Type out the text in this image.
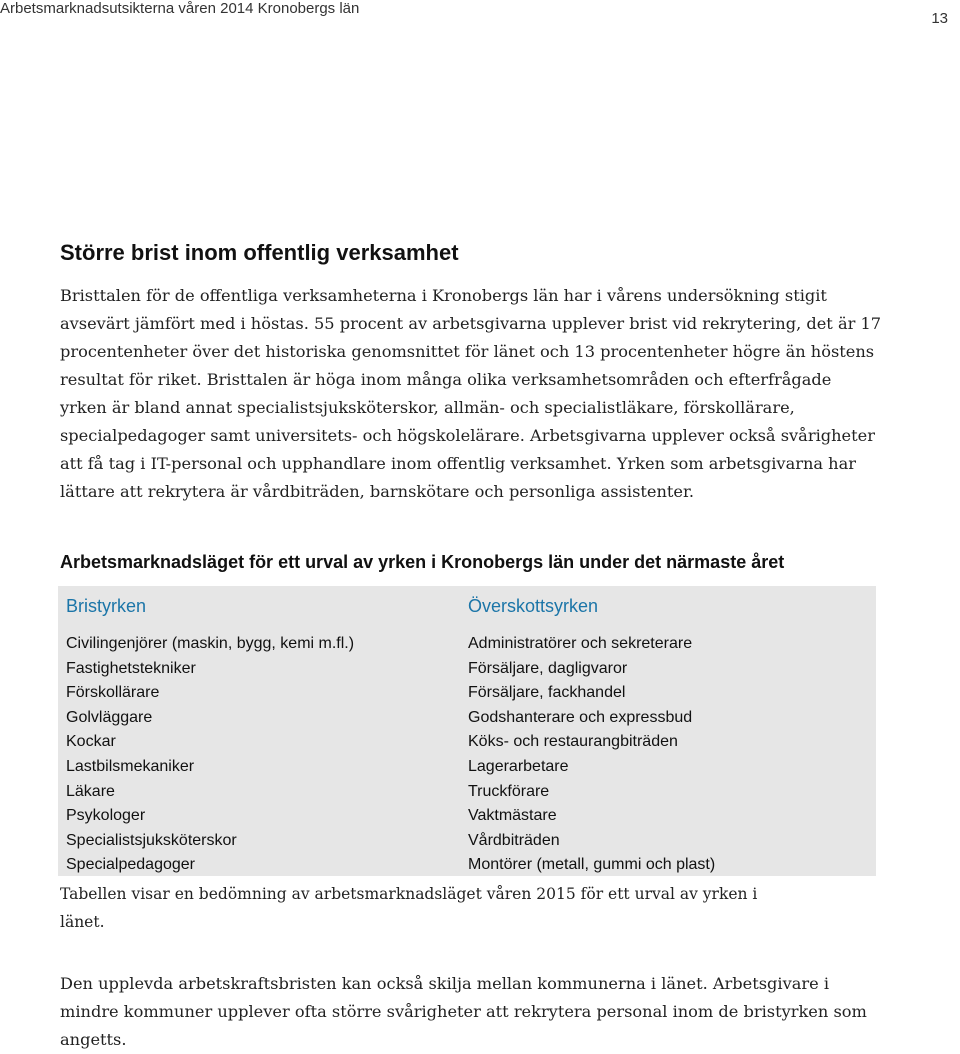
Arbetsmarknadsutsikterna våren 2014 Kronobergs län
13
Större brist inom offentlig verksamhet

Bristtalen för de offentliga verksamheterna i Kronobergs län har i vårens undersökning stigit avsevärt jämfört med i höstas. 55 procent av arbetsgivarna upplever brist vid rekrytering, det är 17 procentenheter över det historiska genomsnittet för länet och 13 procentenheter högre än höstens resultat för riket. Bristtalen är höga inom många olika verksamhetsområden och efterfrågade yrken är bland annat specialistsjuksköterskor, allmän- och specialistläkare, förskollärare, specialpedagoger samt universitets- och högskolelärare. Arbetsgivarna upplever också svårigheter att få tag i IT-personal och upphandlare inom offentlig verksamhet. Yrken som arbetsgivarna har lättare att rekrytera är vårdbiträden, barnskötare och personliga assistenter.

Arbetsmarknadsläget för ett urval av yrken i Kronobergs län under det närmaste året
Bristyrken
Civilingenjörer (maskin, bygg, kemi m.fl.)
Fastighetstekniker
Förskollärare
Golvläggare
Kockar
Lastbilsmekaniker
Läkare
Psykologer
Specialistsjuksköterskor
Specialpedagoger
Överskottsyrken
Administratörer och sekreterare
Försäljare, dagligvaror
Försäljare, fackhandel
Godshanterare och expressbud
Köks- och restaurangbiträden
Lagerarbetare
Truckförare
Vaktmästare
Vårdbiträden
Montörer (metall, gummi och plast)

Tabellen visar en bedömning av arbetsmarknadsläget våren 2015 för ett urval av yrken i länet.

Den upplevda arbetskraftsbristen kan också skilja mellan kommunerna i länet. Arbetsgivare i mindre kommuner upplever ofta större svårigheter att rekrytera personal inom de bristyrken som angetts.
